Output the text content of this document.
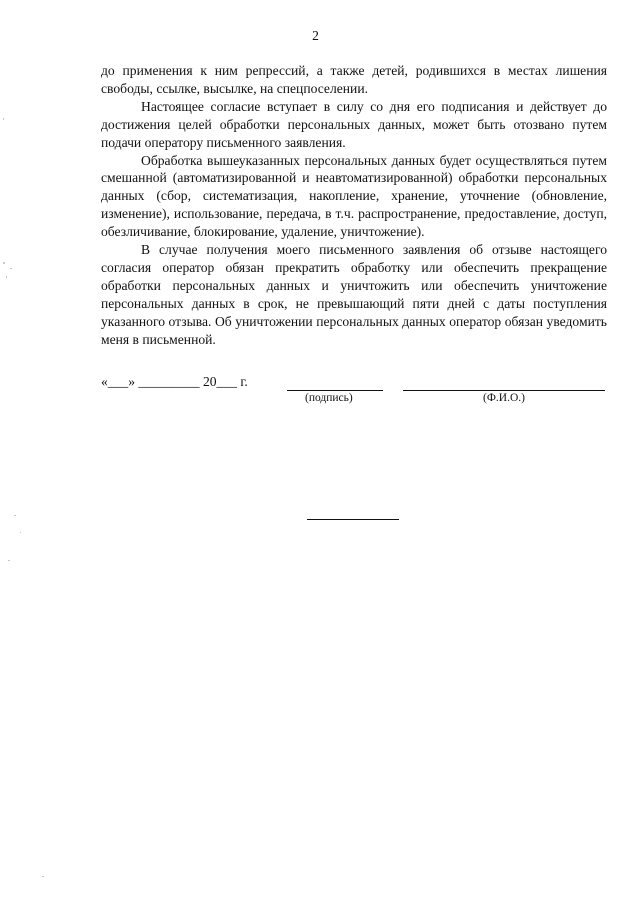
2

до применения к ним репрессий, а также детей, родившихся в местах лишения свободы, ссылке, высылке, на спецпоселении.

Настоящее согласие вступает в силу со дня его подписания и действует до достижения целей обработки персональных данных, может быть отозвано путем подачи оператору письменного заявления.

Обработка вышеуказанных персональных данных будет осуществляться путем смешанной (автоматизированной и неавтоматизированной) обработки персональных данных (сбор, систематизация, накопление, хранение, уточнение (обновление, изменение), использование, передача, в т.ч. распространение, предоставление, доступ, обезличивание, блокирование, удаление, уничтожение).

В случае получения моего письменного заявления об отзыве настоящего согласия оператор обязан прекратить обработку или обеспечить прекращение обработки персональных данных и уничтожить или обеспечить уничтожение персональных данных в срок, не превышающий пяти дней с даты поступления указанного отзыва. Об уничтожении персональных данных оператор обязан уведомить меня в письменной.

«___» _________ 20___ г.
(подпись)	(Ф.И.О.)
